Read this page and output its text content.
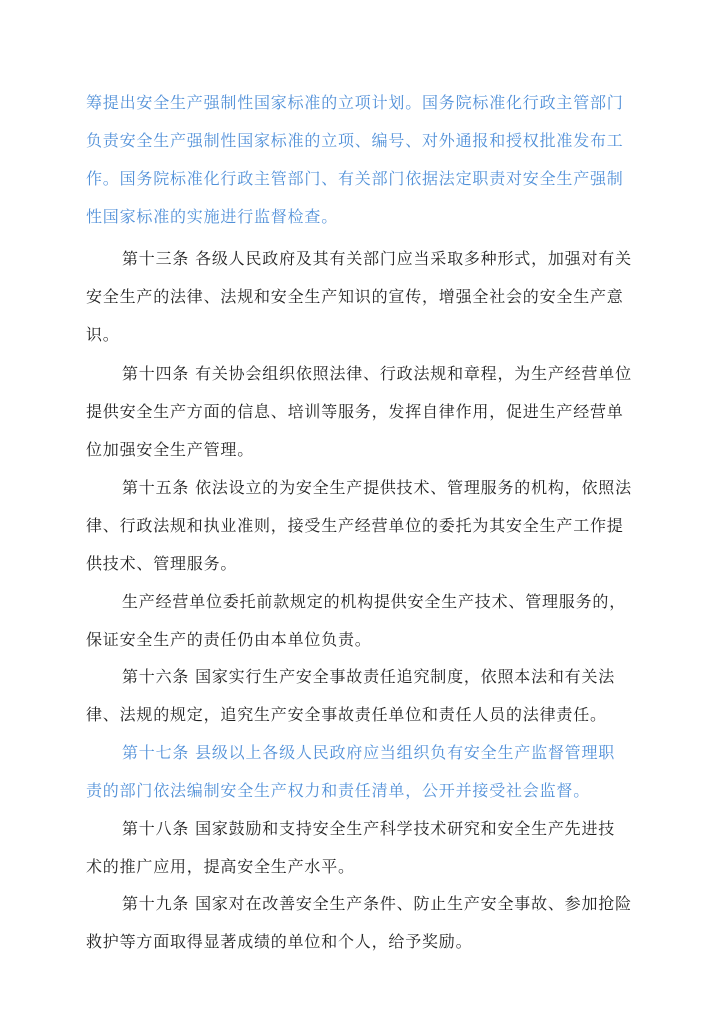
筹提出安全生产强制性国家标准的立项计划。国务院标准化行政主管部门
负责安全生产强制性国家标准的立项、编号、对外通报和授权批准发布工
作。国务院标准化行政主管部门、有关部门依据法定职责对安全生产强制
性国家标准的实施进行监督检查。
第十三条 各级人民政府及其有关部门应当采取多种形式，加强对有关
安全生产的法律、法规和安全生产知识的宣传，增强全社会的安全生产意
识。
第十四条 有关协会组织依照法律、行政法规和章程，为生产经营单位
提供安全生产方面的信息、培训等服务，发挥自律作用，促进生产经营单
位加强安全生产管理。
第十五条 依法设立的为安全生产提供技术、管理服务的机构，依照法
律、行政法规和执业准则，接受生产经营单位的委托为其安全生产工作提
供技术、管理服务。
生产经营单位委托前款规定的机构提供安全生产技术、管理服务的，
保证安全生产的责任仍由本单位负责。
第十六条 国家实行生产安全事故责任追究制度，依照本法和有关法
律、法规的规定，追究生产安全事故责任单位和责任人员的法律责任。
第十七条 县级以上各级人民政府应当组织负有安全生产监督管理职
责的部门依法编制安全生产权力和责任清单，公开并接受社会监督。
第十八条 国家鼓励和支持安全生产科学技术研究和安全生产先进技
术的推广应用，提高安全生产水平。
第十九条 国家对在改善安全生产条件、防止生产安全事故、参加抢险
救护等方面取得显著成绩的单位和个人，给予奖励。
